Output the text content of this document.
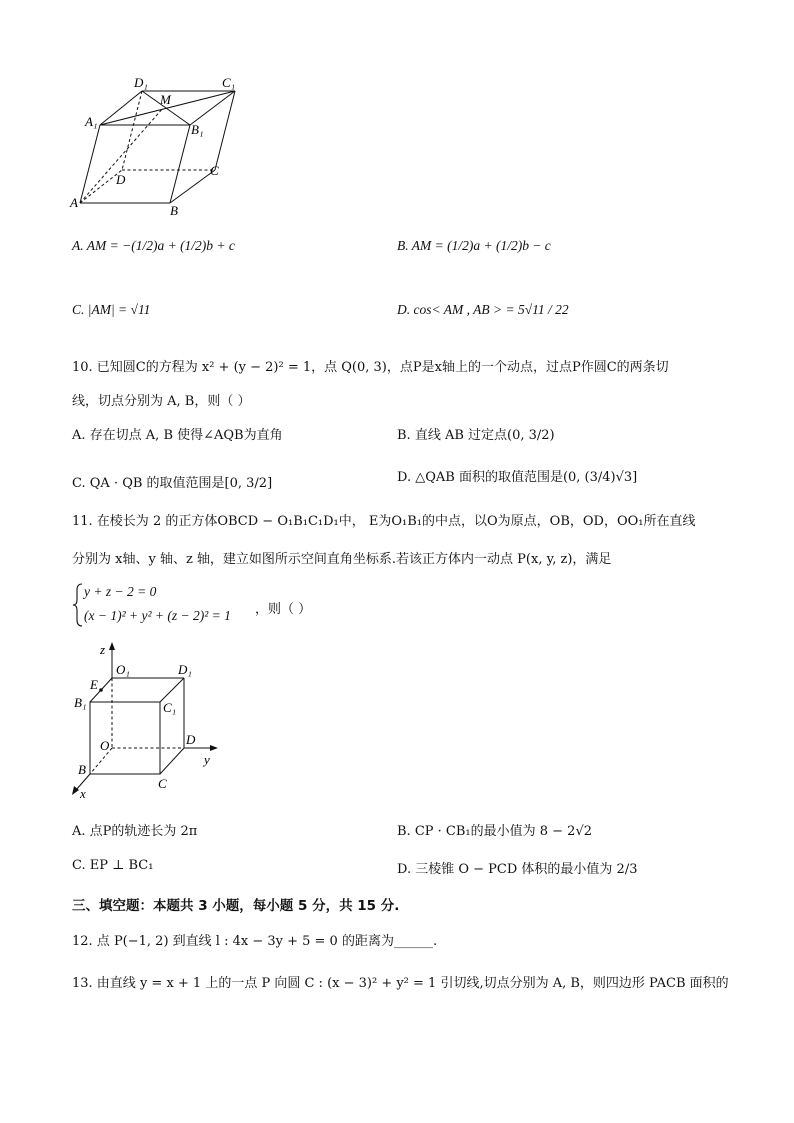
D₁	C₁
M
A₁
B₁
D
C
A
B
A. AM = −(1/2)a + (1/2)b + c	B. AM = (1/2)a + (1/2)b − c
C. |AM| = √11	D. cos< AM , AB > = 5√11 / 22
10. 已知圆C的方程为 x² + (y − 2)² = 1，点 Q(0, 3)，点P是x轴上的一个动点，过点P作圆C的两条切
线，切点分别为 A, B，则（ ）
A. 存在切点 A, B 使得∠AQB为直角	B. 直线 AB 过定点(0, 3/2)
C. QA · QB 的取值范围是[0, 3/2]	D. △QAB 面积的取值范围是(0, (3/4)√3]
11. 在棱长为 2 的正方体OBCD − O₁B₁C₁D₁中， E为O₁B₁的中点，以O为原点，OB，OD，OO₁所在直线
分别为 x轴、y 轴、z 轴，建立如图所示空间直角坐标系.若该正方体内一动点 P(x, y, z)，满足
y + z − 2 = 0
(x − 1)² + y² + (z − 2)² = 1 ，则（ ）
z
O₁	D₁
E
B₁	C₁
O	D
y
B
C
x
A. 点P的轨迹长为 2π	B. CP · CB₁的最小值为 8 − 2√2
C. EP ⊥ BC₁	D. 三棱锥 O − PCD 体积的最小值为 2/3
三、填空题：本题共 3 小题，每小题 5 分，共 15 分.
12. 点 P(−1, 2) 到直线 l : 4x − 3y + 5 = 0 的距离为______.
13. 由直线 y = x + 1 上的一点 P 向圆 C : (x − 3)² + y² = 1 引切线,切点分别为 A, B，则四边形 PACB 面积的
